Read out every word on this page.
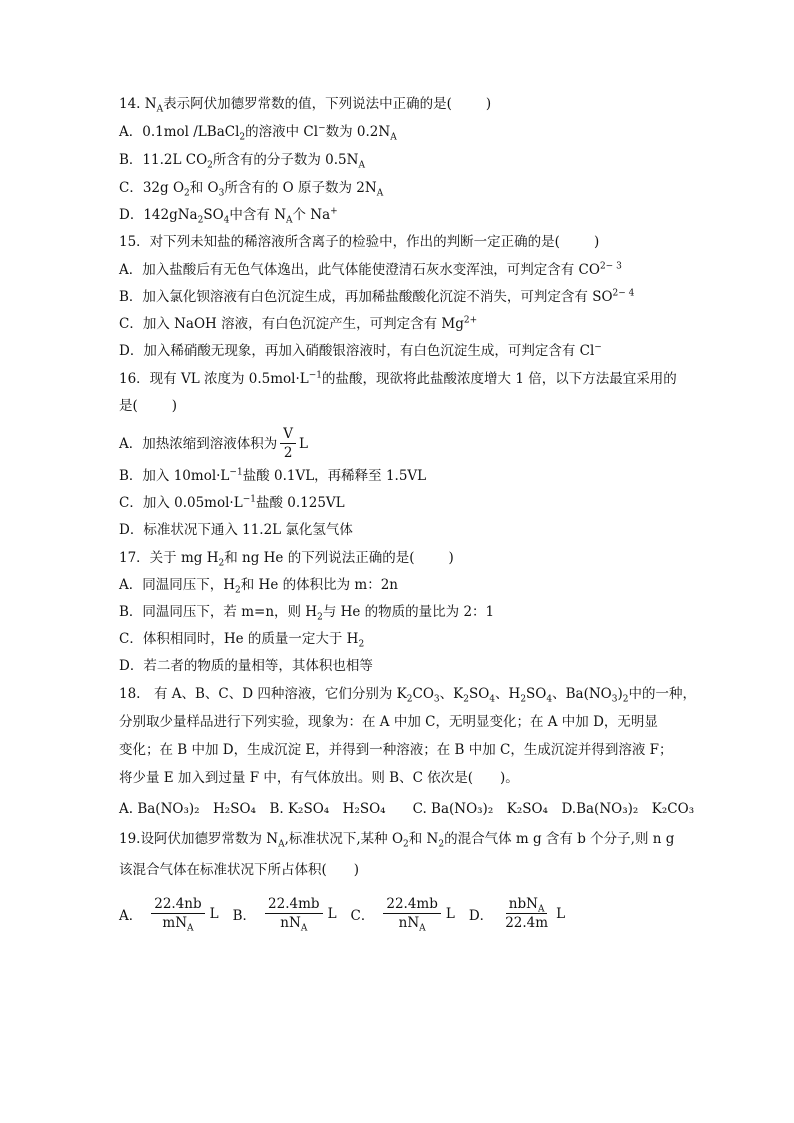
14. $N_A$表示阿伏加德罗常数的值，下列说法中正确的是(	)
A．0.1mol /LBaCl$_2$的溶液中 Cl−数为 $0.2N_A$
B．11.2L $CO_2$所含有的分子数为 $0.5N_A$
C．32g $O_2$和 $O_3$所含有的 O 原子数为 $2N_A$
D．$142gNa_2SO_4$中含有 $N_A$个 Na+
15．对下列未知盐的稀溶液所含离子的检验中，作出的判断一定正确的是(	)
A．加入盐酸后有无色气体逸出，此气体能使澄清石灰水变浑浊，可判定含有 $CO^{2- 3}$
B．加入氯化钡溶液有白色沉淀生成，再加稀盐酸酸化沉淀不消失，可判定含有 $SO^{2- 4}$
C．加入 NaOH 溶液，有白色沉淀产生，可判定含有 $Mg^{2+}$
D．加入稀硝酸无现象，再加入硝酸银溶液时，有白色沉淀生成，可判定含有 Cl−
16．现有 VL 浓度为 $0.5mol\cdot L^{-1}$的盐酸，现欲将此盐酸浓度增大 1 倍，以下方法最宜采用的
是(	)
A．加热浓缩到溶液体积为 $\frac{V}{2}$ L
B．加入 $10mol\cdot L^{-1}$盐酸 0.1VL，再稀释至 1.5VL
C．加入 $0.05mol\cdot L^{-1}$盐酸 0.125VL
D．标准状况下通入 11.2L 氯化氢气体
17．关于 mg $H_2$和 ng He 的下列说法正确的是(	)
A．同温同压下，$H_2$和 He 的体积比为 m：2n
B．同温同压下，若 m=n，则 $H_2$与 He 的物质的量比为 2：1
C．体积相同时，He 的质量一定大于 $H_2$
D．若二者的物质的量相等，其体积也相等
18.　有 A、B、C、D 四种溶液，它们分别为 $K_2CO_3$、$K_2SO_4$、$H_2SO_4$、$Ba(NO_3)_2$中的一种，
分别取少量样品进行下列实验，现象为：在 A 中加 C，无明显变化；在 A 中加 D，无明显
变化；在 B 中加 D，生成沉淀 E，并得到一种溶液；在 B 中加 C，生成沉淀并得到溶液 F；
将少量 E 加入到过量 F 中，有气体放出。则 B、C 依次是(　　)。
A. Ba(NO₃)₂　H₂SO₄　B. K₂SO₄　H₂SO₄　　C. Ba(NO₃)₂　K₂SO₄　D.Ba(NO₃)₂　K₂CO₃
19.设阿伏加德罗常数为 $N_A$,标准状况下,某种 $O_2$和 $N_2$的混合气体 m g 含有 b 个分子,则 n g
该混合气体在标准状况下所占体积(　　)
A． $\frac{22.4nb}{mN_A}$ L B． $\frac{22.4mb}{nN_A}$ L C． $\frac{22.4mb}{nN_A}$ L D． $\frac{nbN_A}{22.4m}$ L
